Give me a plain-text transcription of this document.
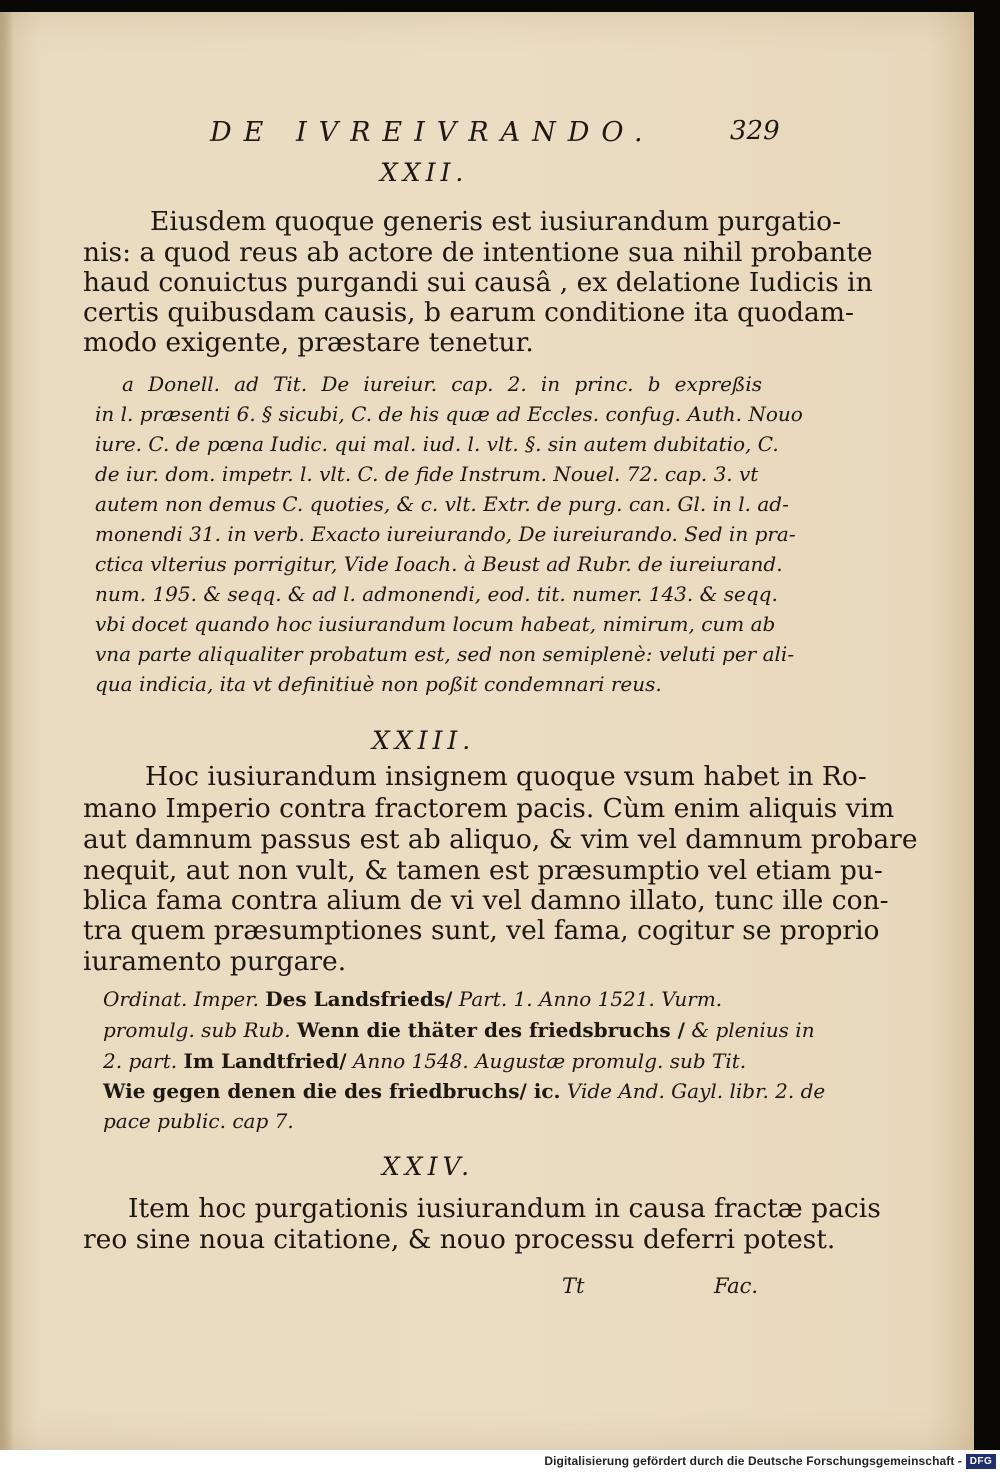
DE IVREIVRANDO.	329
XXII.
Eiusdem quoque generis est iusiurandum purgatio-
nis: a quod reus ab actore de intentione sua nihil probante
haud conuictus purgandi sui causâ , ex delatione Iudicis in
certis quibusdam causis, b earum conditione ita quodam-
modo exigente, præstare tenetur.
a Donell. ad Tit. De iureiur. cap. 2. in princ. b expreßis
in l. præsenti 6. § sicubi, C. de his quæ ad Eccles. confug. Auth. Nouo
iure. C. de pœna Iudic. qui mal. iud. l. vlt. §. sin autem dubitatio, C.
de iur. dom. impetr. l. vlt. C. de fide Instrum. Nouel. 72. cap. 3. vt
autem non demus C. quoties, & c. vlt. Extr. de purg. can. Gl. in l. ad-
monendi 31. in verb. Exacto iureiurando, De iureiurando. Sed in pra-
ctica vlterius porrigitur, Vide Ioach. à Beust ad Rubr. de iureiurand.
num. 195. & seqq. & ad l. admonendi, eod. tit. numer. 143. & seqq.
vbi docet quando hoc iusiurandum locum habeat, nimirum, cum ab
vna parte aliqualiter probatum est, sed non semiplenè: veluti per ali-
qua indicia, ita vt definitiuè non poßit condemnari reus.
XXIII.
Hoc iusiurandum insignem quoque vsum habet in Ro-
mano Imperio contra fractorem pacis. Cùm enim aliquis vim
aut damnum passus est ab aliquo, & vim vel damnum probare
nequit, aut non vult, & tamen est præsumptio vel etiam pu-
blica fama contra alium de vi vel damno illato, tunc ille con-
tra quem præsumptiones sunt, vel fama, cogitur se proprio
iuramento purgare.
Ordinat. Imper. Des Landsfrieds/ Part. 1. Anno 1521. Vurm.
promulg. sub Rub. Wenn die thäter des friedsbruchs / & plenius in
2. part. Im Landtfried/ Anno 1548. Augustæ promulg. sub Tit.
Wie gegen denen die des friedbruchs/ ic. Vide And. Gayl. libr. 2. de
pace public. cap 7.
XXIV.
Item hoc purgationis iusiurandum in causa fractæ pacis
reo sine noua citatione, & nouo processu deferri potest.
Tt	Fac.
Digitalisierung gefördert durch die Deutsche Forschungsgemeinschaft - DFG
